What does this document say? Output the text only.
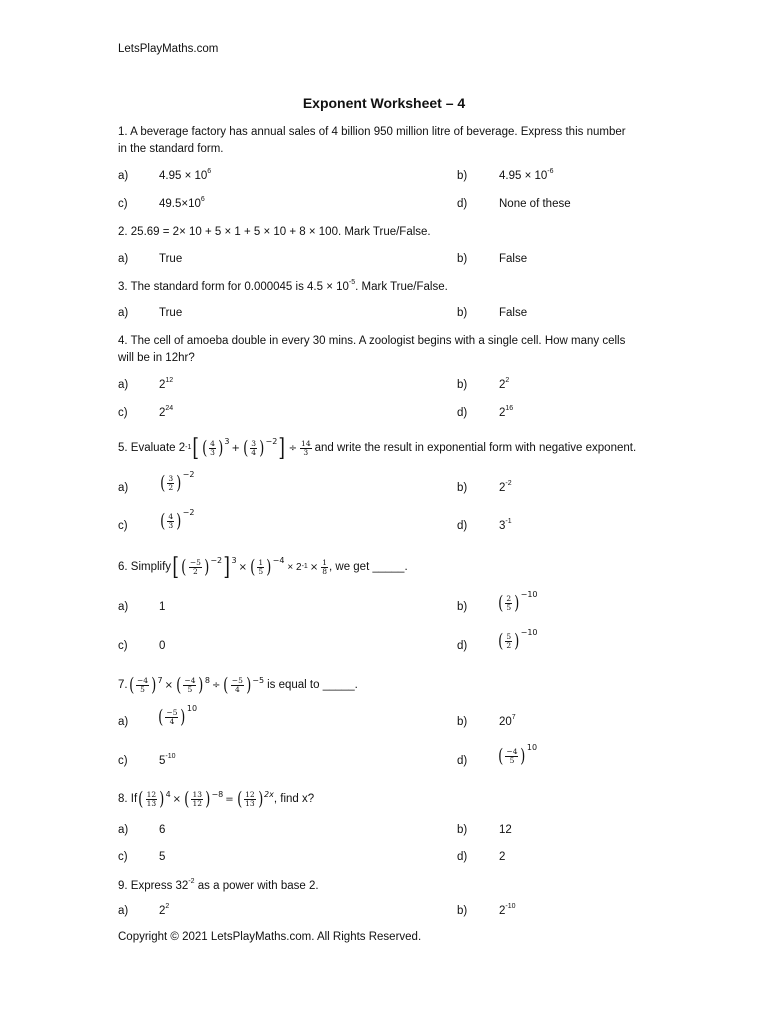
LetsPlayMaths.com
Exponent Worksheet – 4
1. A beverage factory has annual sales of 4 billion 950 million litre of beverage. Express this number
in the standard form.
a)	$4.95 \times 10^6$	b)	$4.95 \times 10^{-6}$
c)	$49.5\times 10^6$	d)	None of these
2. 25.69 = 2× 10 + 5 × 1 + 5 × 10 + 8 × 100. Mark True/False.
a)	True	b)	False
3. The standard form for 0.000045 is $4.5 \times 10^{-5}$. Mark True/False.
a)	True	b)	False
4. The cell of amoeba double in every 30 mins. A zoologist begins with a single cell. How many cells
will be in 12hr?
a)	$2^{12}$	b)	$2^2$
c)	$2^{24}$	d)	$2^{16}$
5. Evaluate 2 -1 [ ( $\frac{4}{3}$ ) 3
+ ( $\frac{3}{4}$ ) −2 ] ÷ $\frac{14}{3}$ and write the result in exponential form with negative exponent.
a) ( $\frac{3}{2}$ ) −2
b)	$2^{-2}$
c) ( $\frac{4}{3}$ ) −2
d)	$3^{-1}$
6. Simplify [ ( $\frac{-5}{2}$ ) −2 ] 3
× ( $\frac{1}{5}$ ) −4
× 2 $-1 \times \frac{1}{8}$ , we get _____.
a)	1	b) ( $\frac{2}{5}$ ) −10
c)	0	d) ( $\frac{5}{2}$ ) −10
7. ( $\frac{-4}{5}$ ) 7 × ( $\frac{-4}{5}$ ) 8 ÷ ( $\frac{-5}{4}$ ) −5 is equal to _____.
a) ( $\frac{-5}{4}$ ) 10
b)	$20^7$
c)	$5^{-10}$	d) ( $\frac{-4}{5}$ ) 10
8. If ( $\frac{12}{13}$ ) 4 × ( $\frac{13}{12}$ ) −8 = ( $\frac{12}{13}$ ) 2x , find x?
a)	6	b)	12
c)	5	d)	2
9. Express $32^{-2}$ as a power with base 2.
a)	$2^2$	b)	$2^{-10}$
Copyright © 2021 LetsPlayMaths.com. All Rights Reserved.
